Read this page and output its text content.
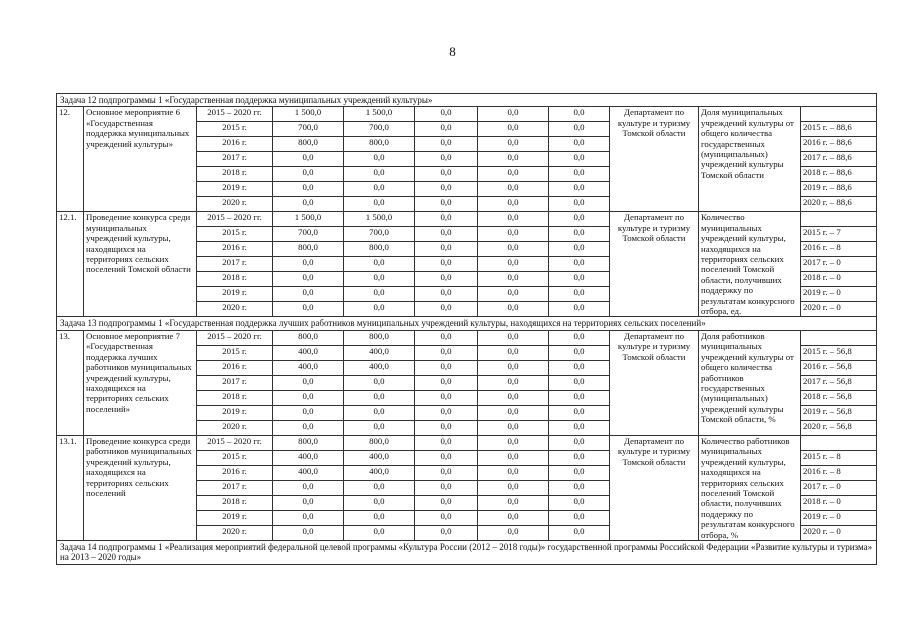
8
Задача 12 подпрограммы 1 «Государственная поддержка муниципальных учреждений культуры»										
12.	Основное мероприятие 6 «Государственная поддержка муниципальных учреждений культуры»	2015 – 2020 гг.	1 500,0	1 500,0	0,0	0,0	0,0	Департамент по культуре и туризму Томской области	Доля муниципальных учреждений культуры от общего количества государственных (муниципальных) учреждений культуры Томской области	
		2015 г.	700,0	700,0	0,0	0,0	0,0			2015 г. – 88,6
		2016 г.	800,0	800,0	0,0	0,0	0,0			2016 г. – 88,6
		2017 г.	0,0	0,0	0,0	0,0	0,0			2017 г. – 88,6
		2018 г.	0,0	0,0	0,0	0,0	0,0			2018 г. – 88,6
		2019 г.	0,0	0,0	0,0	0,0	0,0			2019 г. – 88,6
		2020 г.	0,0	0,0	0,0	0,0	0,0			2020 г. – 88,6
12.1.	Проведение конкурса среди муниципальных учреждений культуры, находящихся на территориях сельских поселений Томской области	2015 – 2020 гг.	1 500,0	1 500,0	0,0	0,0	0,0	Департамент по культуре и туризму Томской области	Количество муниципальных учреждений культуры, находящихся на территориях сельских поселений Томской области, получивших поддержку по результатам конкурсного отбора, ед.	
		2015 г.	700,0	700,0	0,0	0,0	0,0			2015 г. – 7
		2016 г.	800,0	800,0	0,0	0,0	0,0			2016 г. – 8
		2017 г.	0,0	0,0	0,0	0,0	0,0			2017 г. – 0
		2018 г.	0,0	0,0	0,0	0,0	0,0			2018 г. – 0
		2019 г.	0,0	0,0	0,0	0,0	0,0			2019 г. – 0
		2020 г.	0,0	0,0	0,0	0,0	0,0			2020 г. – 0
Задача 13 подпрограммы 1 «Государственная поддержка лучших работников муниципальных учреждений культуры, находящихся на территориях сельских поселений»										
13.	Основное мероприятие 7 «Государственная поддержка лучших работников муниципальных учреждений культуры, находящихся на территориях сельских поселений»	2015 – 2020 гг.	800,0	800,0	0,0	0,0	0,0	Департамент по культуре и туризму Томской области	Доля работников муниципальных учреждений культуры от общего количества работников государственных (муниципальных) учреждений культуры Томской области, %	
		2015 г.	400,0	400,0	0,0	0,0	0,0			2015 г. – 56,8
		2016 г.	400,0	400,0	0,0	0,0	0,0			2016 г. – 56,8
		2017 г.	0,0	0,0	0,0	0,0	0,0			2017 г. – 56,8
		2018 г.	0,0	0,0	0,0	0,0	0,0			2018 г. – 56,8
		2019 г.	0,0	0,0	0,0	0,0	0,0			2019 г. – 56,8
		2020 г.	0,0	0,0	0,0	0,0	0,0			2020 г. – 56,8
13.1.	Проведение конкурса среди работников муниципальных учреждений культуры, находящихся на территориях сельских поселений	2015 – 2020 гг.	800,0	800,0	0,0	0,0	0,0	Департамент по культуре и туризму Томской области	Количество работников муниципальных учреждений культуры, находящихся на территориях сельских поселений Томской области, получивших поддержку по результатам конкурсного отбора, %	
		2015 г.	400,0	400,0	0,0	0,0	0,0			2015 г. – 8
		2016 г.	400,0	400,0	0,0	0,0	0,0			2016 г. – 8
		2017 г.	0,0	0,0	0,0	0,0	0,0			2017 г. – 0
		2018 г.	0,0	0,0	0,0	0,0	0,0			2018 г. – 0
		2019 г.	0,0	0,0	0,0	0,0	0,0			2019 г. – 0
		2020 г.	0,0	0,0	0,0	0,0	0,0			2020 г. – 0
Задача 14 подпрограммы 1 «Реализация мероприятий федеральной целевой программы «Культура России (2012 – 2018 годы)» государственной программы Российской Федерации «Развитие культуры и туризма» на 2013 – 2020 годы»										
